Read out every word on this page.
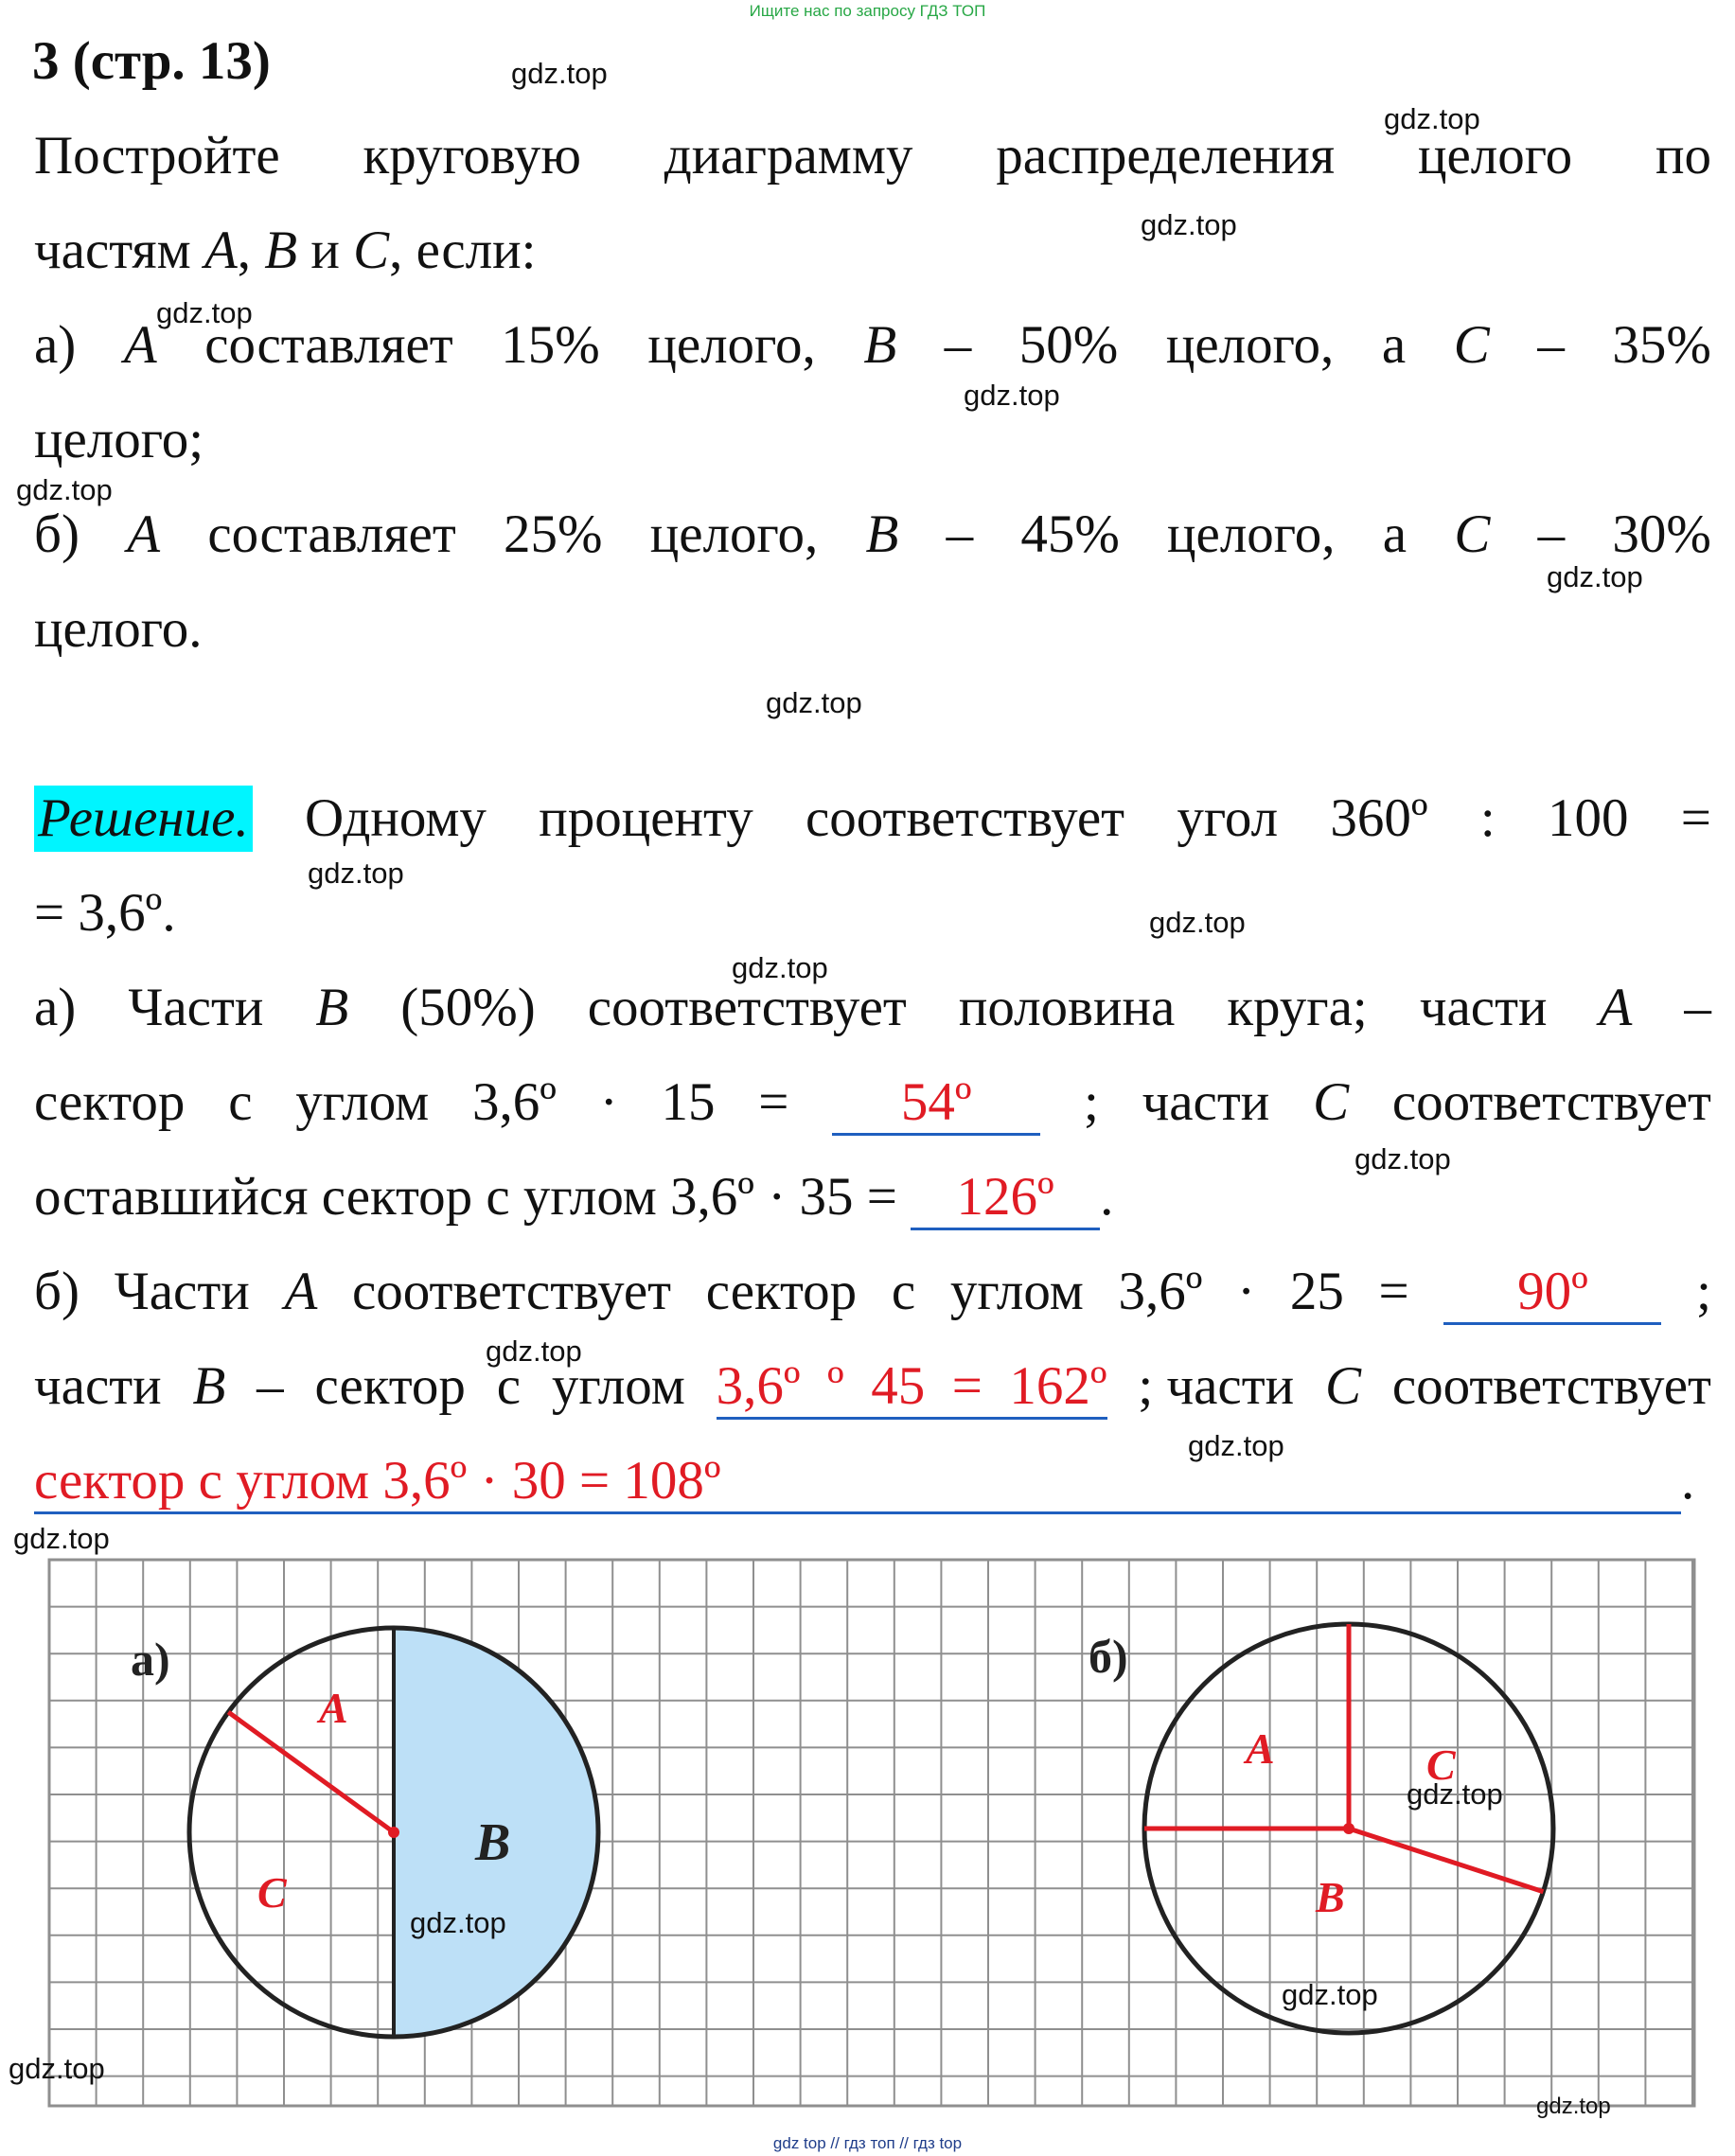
Ищите нас по запросу ГДЗ ТОП
3 (стр. 13)
Постройте круговую диаграмму распределения целого по
частям A, B и C, если:
а) A составляет 15% целого, B – 50% целого, а C – 35%
целого;
б) A составляет 25% целого, B – 45% целого, а C – 30%
целого.
Решение. Одному проценту соответствует угол 360º : 100 =
= 3,6º.
а) Части B (50%) соответствует половина круга; части A –
сектор с углом 3,6º · 15 =	54º	; части C соответствует
оставшийся сектор с углом 3,6º · 35 = 126º .
б) Части A соответствует сектор с углом 3,6º · 25 =	90º	;
части B – сектор с углом 3,6º  º  45  =  162º ; части C соответствует
сектор с углом 3,6º · 30 = 108º	.
а)
A
B
C
б)
A
B
C
gdz.top
gdz.top
gdz.top
gdz.top
gdz.top
gdz.top
gdz.top
gdz.top
gdz.top
gdz.top
gdz.top
gdz.top
gdz.top
gdz.top
gdz.top
gdz.top
gdz.top
gdz.top
gdz.top
gdz.top
gdz top // гдз топ // гдз top
